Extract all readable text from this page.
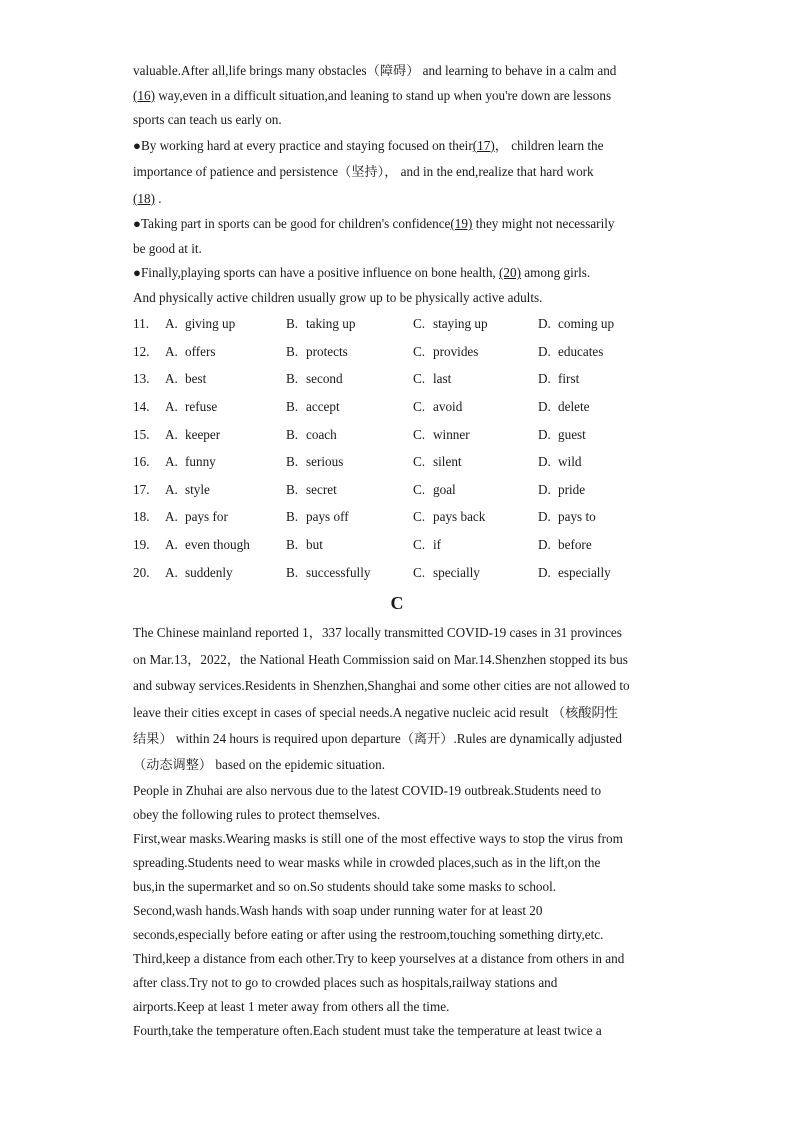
valuable.After all,life brings many obstacles（障碍） and learning to behave in a calm and
(16) way,even in a difficult situation,and leaning to stand up when you're down are lessons
sports can teach us early on.
●By working hard at every practice and staying focused on their(17)， children learn the
importance of patience and persistence（坚持）， and in the end,realize that hard work
(18) .
●Taking part in sports can be good for children's confidence(19) they might not necessarily
be good at it.
●Finally,playing sports can have a positive influence on bone health, (20) among girls.
And physically active children usually grow up to be physically active adults.
11.	A. giving up	B. taking up	C. staying up	D. coming up
12.	A. offers	B. protects	C. provides	D. educates
13.	A. best	B. second	C. last	D. first
14.	A. refuse	B. accept	C. avoid	D. delete
15.	A. keeper	B. coach	C. winner	D. guest
16.	A. funny	B. serious	C. silent	D. wild
17.	A. style	B. secret	C. goal	D. pride
18.	A. pays for	B. pays off	C. pays back	D. pays to
19.	A. even though	B. but	C. if	D. before
20.	A. suddenly	B. successfully	C. specially	D. especially
C
The Chinese mainland reported 1，337 locally transmitted COVID-19 cases in 31 provinces
on Mar.13，2022，the National Heath Commission said on Mar.14.Shenzhen stopped its bus
and subway services.Residents in Shenzhen,Shanghai and some other cities are not allowed to
leave their cities except in cases of special needs.A negative nucleic acid result （核酸阴性
结果） within 24 hours is required upon departure（离开）.Rules are dynamically adjusted
（动态调整） based on the epidemic situation.
People in Zhuhai are also nervous due to the latest COVID-19 outbreak.Students need to
obey the following rules to protect themselves.
First,wear masks.Wearing masks is still one of the most effective ways to stop the virus from
spreading.Students need to wear masks while in crowded places,such as in the lift,on the
bus,in the supermarket and so on.So students should take some masks to school.
Second,wash hands.Wash hands with soap under running water for at least 20
seconds,especially before eating or after using the restroom,touching something dirty,etc.
Third,keep a distance from each other.Try to keep yourselves at a distance from others in and
after class.Try not to go to crowded places such as hospitals,railway stations and
airports.Keep at least 1 meter away from others all the time.
Fourth,take the temperature often.Each student must take the temperature at least twice a
